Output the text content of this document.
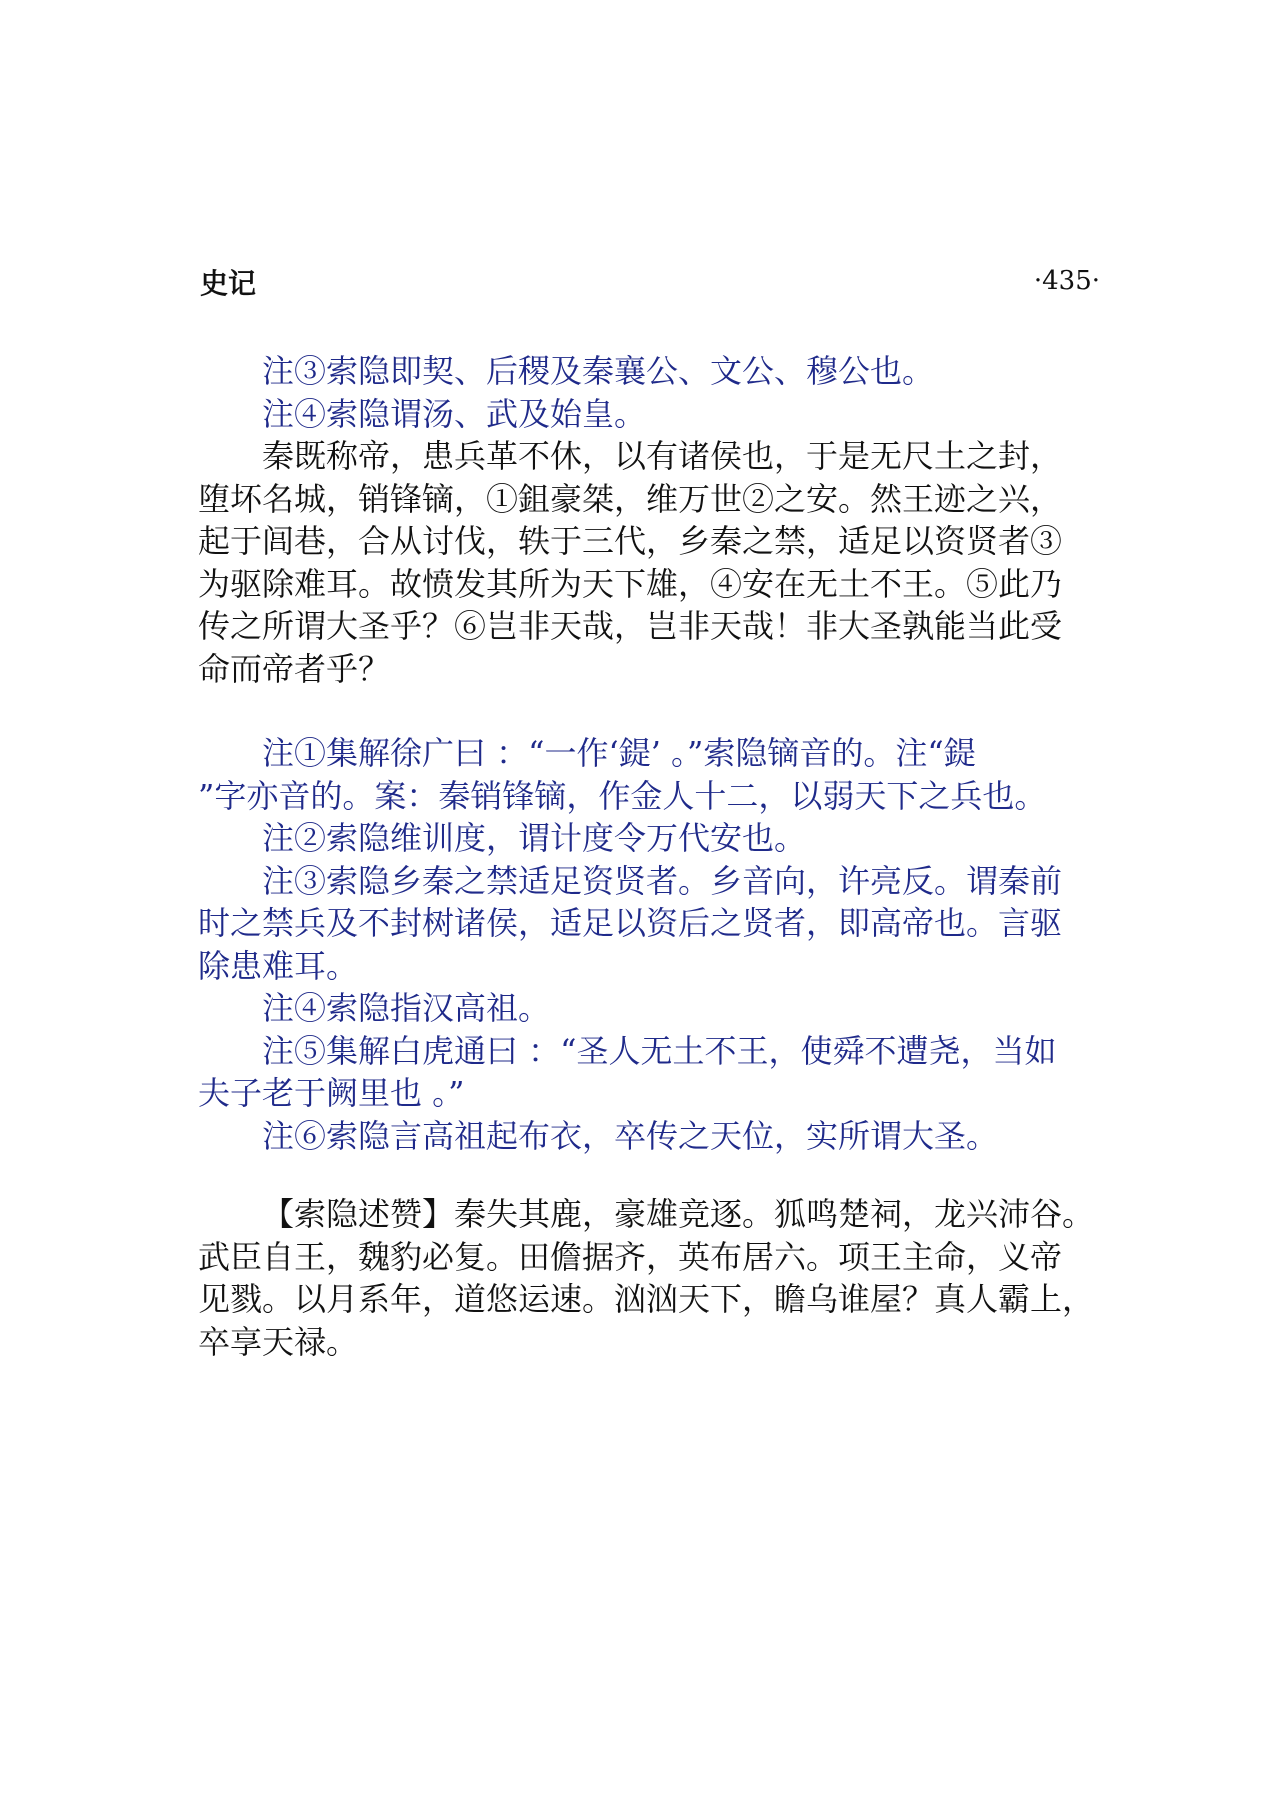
史记	·435·

注③索隐即契、后稷及秦襄公、文公、穆公也。

注④索隐谓汤、武及始皇。

秦既称帝，患兵革不休，以有诸侯也，于是无尺土之封，
堕坏名城，销锋镝，①鉏豪桀，维万世②之安。然王迹之兴，
起于闾巷，合从讨伐，轶于三代，乡秦之禁，适足以资贤者③
为驱除难耳。故愤发其所为天下雄，④安在无土不王。⑤此乃
传之所谓大圣乎？⑥岂非天哉，岂非天哉！非大圣孰能当此受
命而帝者乎？

注①集解徐广曰 ：“一作‘鍉’ 。”索隐镝音的。注“鍉
”字亦音的。案：秦销锋镝，作金人十二，以弱天下之兵也。

注②索隐维训度，谓计度令万代安也。

注③索隐乡秦之禁适足资贤者。乡音向，许亮反。谓秦前
时之禁兵及不封树诸侯，适足以资后之贤者，即高帝也。言驱
除患难耳。

注④索隐指汉高祖。

注⑤集解白虎通曰 ：“圣人无土不王，使舜不遭尧，当如
夫子老于阙里也 。”

注⑥索隐言高祖起布衣，卒传之天位，实所谓大圣。

【索隐述赞】秦失其鹿，豪雄竞逐。狐鸣楚祠，龙兴沛谷。
武臣自王，魏豹必复。田儋据齐，英布居六。项王主命，义帝
见戮。以月系年，道悠运速。汹汹天下，瞻乌谁屋？真人霸上，
卒享天禄。
